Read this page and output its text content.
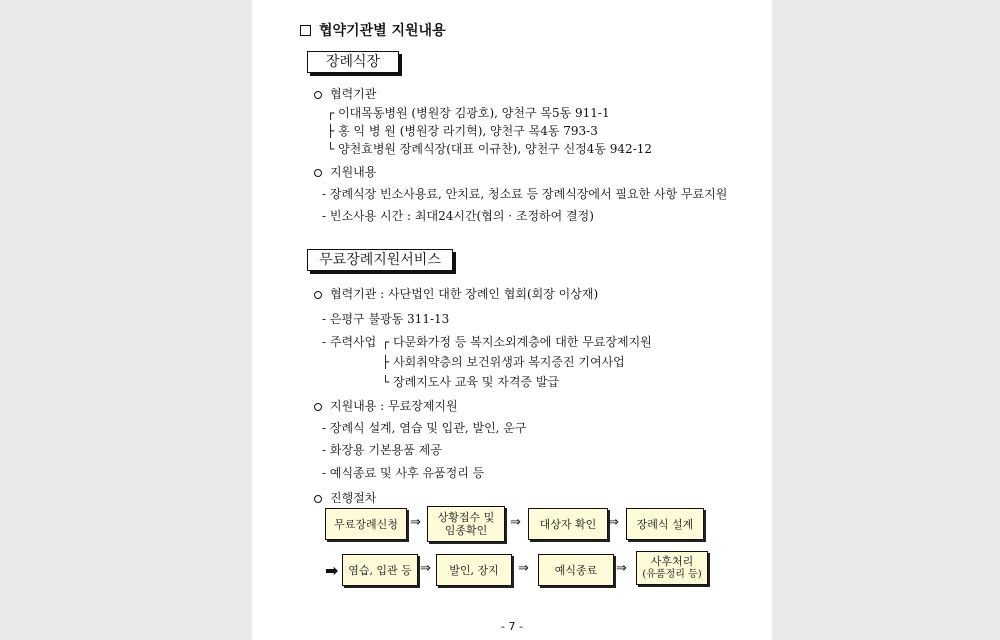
협약기관별 지원내용
장례식장
협력기관
┌ 이대목동병원 (병원장 김광호), 양천구 목5동 911-1
├ 홍 익 병 원 (병원장 라기혁), 양천구 목4동 793-3
└ 양천효병원 장례식장(대표 이규찬), 양천구 신정4동 942-12
지원내용
- 장례식장 빈소사용료, 안치료, 청소료 등 장례식장에서 필요한 사항 무료지원
- 빈소사용 시간 : 최대24시간(협의 · 조정하여 결정)
무료장례지원서비스
협력기관 : 사단법인 대한 장례인 협회(회장 이상재)
- 은평구 불광동 311-13
- 주력사업 ┌ 다문화가정 등 복지소외계층에 대한 무료장제지원
├ 사회취약층의 보건위생과 복지증진 기여사업
└ 장례지도사 교육 및 자격증 발급
지원내용 : 무료장제지원
- 장례식 설계, 염습 및 입관, 발인, 운구
- 화장용 기본용품 제공
- 예식종료 및 사후 유품정리 등
진행절차
무료장례신청 ⇒ 상황접수 및
임종확인
⇒ 대상자 확인 ⇒ 장례식 설계
➡ 염습, 입관 등 ⇒ 발인, 장지 ⇒ 예식종료 ⇒ 사후처리
(유품정리 등)
- 7 -
